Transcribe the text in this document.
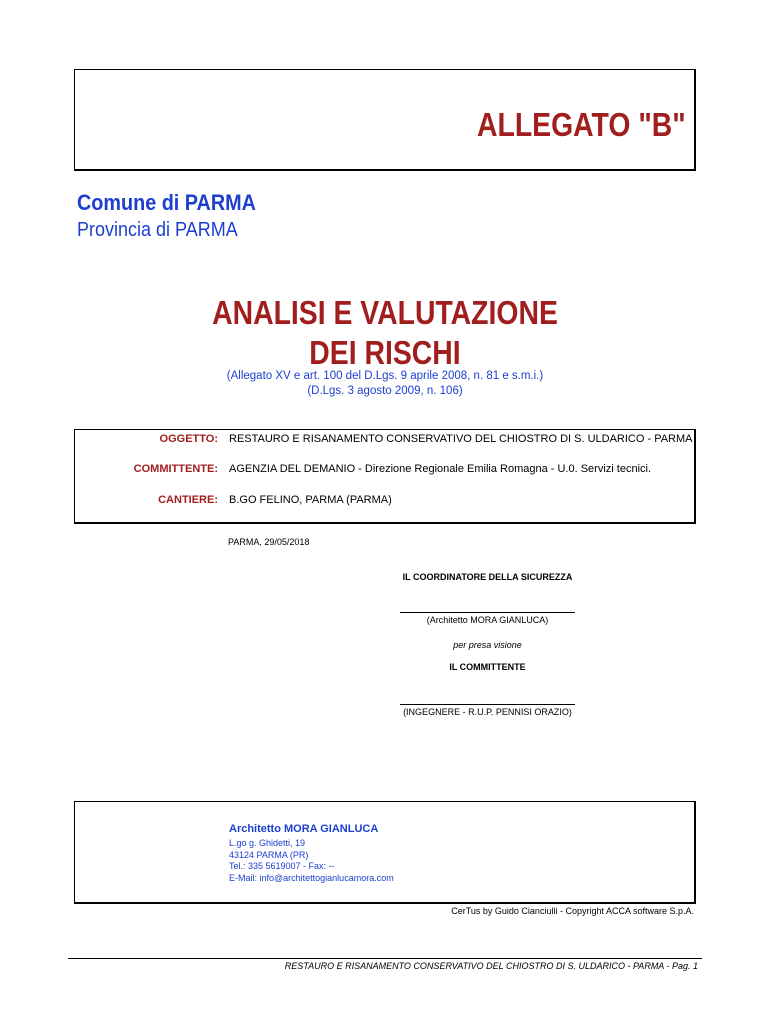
ALLEGATO "B"
Comune di PARMA
Provincia di PARMA
ANALISI E VALUTAZIONE
DEI RISCHI
(Allegato XV e art. 100 del D.Lgs. 9 aprile 2008, n. 81 e s.m.i.)
(D.Lgs. 3 agosto 2009, n. 106)
OGGETTO: RESTAURO E RISANAMENTO CONSERVATIVO DEL CHIOSTRO DI S. ULDARICO - PARMA
COMMITTENTE: AGENZIA DEL DEMANIO - Direzione Regionale Emilia Romagna - U.0. Servizi tecnici.
CANTIERE: B.GO FELINO, PARMA (PARMA)
PARMA, 29/05/2018
IL COORDINATORE DELLA SICUREZZA
(Architetto MORA GIANLUCA)
per presa visione
IL COMMITTENTE
(INGEGNERE - R.U.P. PENNISI ORAZIO)
Architetto MORA GIANLUCA
L.go g. Ghidetti, 19
43124 PARMA (PR)
Tel.: 335 5619007 - Fax: --
E-Mail: info@architettogianlucamora.com
CerTus by Guido Cianciulli - Copyright ACCA software S.p.A.
RESTAURO E RISANAMENTO CONSERVATIVO DEL CHIOSTRO DI S. ULDARICO - PARMA - Pag. 1
